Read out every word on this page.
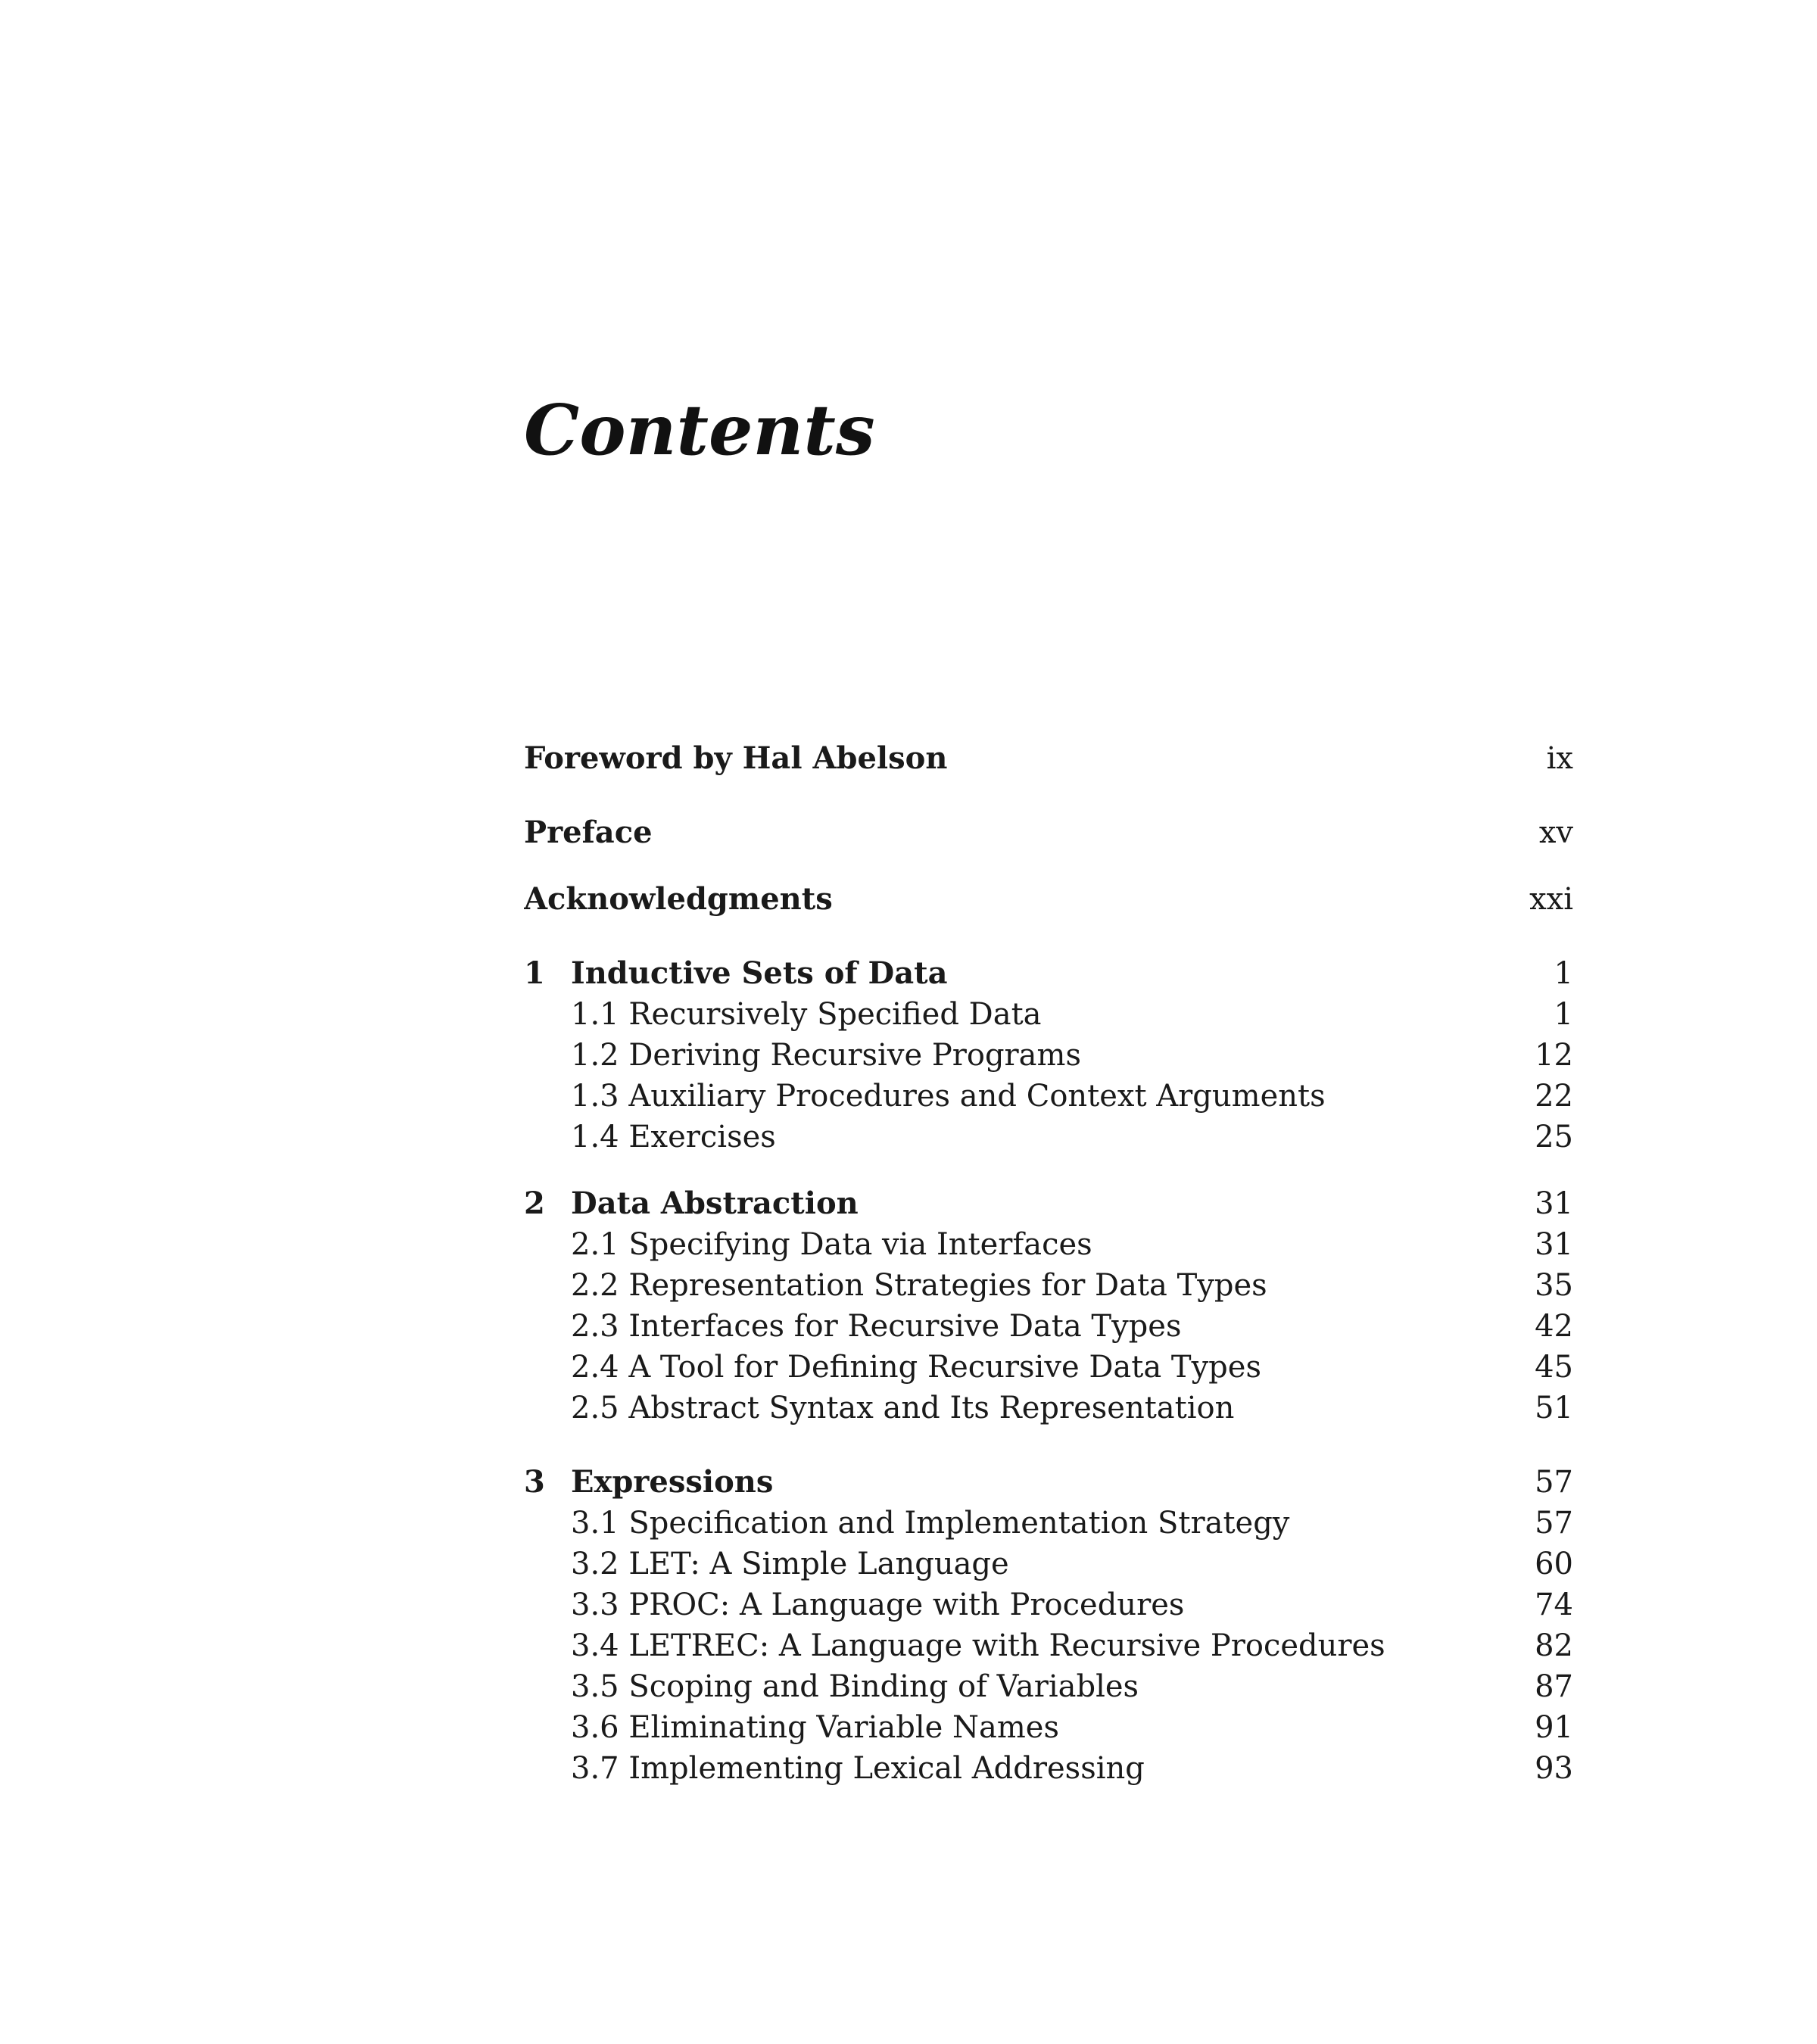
Contents
Foreword by Hal Abelson	ix
Preface	xv
Acknowledgments	xxi
1 Inductive Sets of Data	1
1.1 Recursively Specified Data	1
1.2 Deriving Recursive Programs	12
1.3 Auxiliary Procedures and Context Arguments	22
1.4 Exercises	25
2 Data Abstraction	31
2.1 Specifying Data via Interfaces	31
2.2 Representation Strategies for Data Types	35
2.3 Interfaces for Recursive Data Types	42
2.4 A Tool for Defining Recursive Data Types	45
2.5 Abstract Syntax and Its Representation	51
3 Expressions	57
3.1 Specification and Implementation Strategy	57
3.2 LET: A Simple Language	60
3.3 PROC: A Language with Procedures	74
3.4 LETREC: A Language with Recursive Procedures	82
3.5 Scoping and Binding of Variables	87
3.6 Eliminating Variable Names	91
3.7 Implementing Lexical Addressing	93
